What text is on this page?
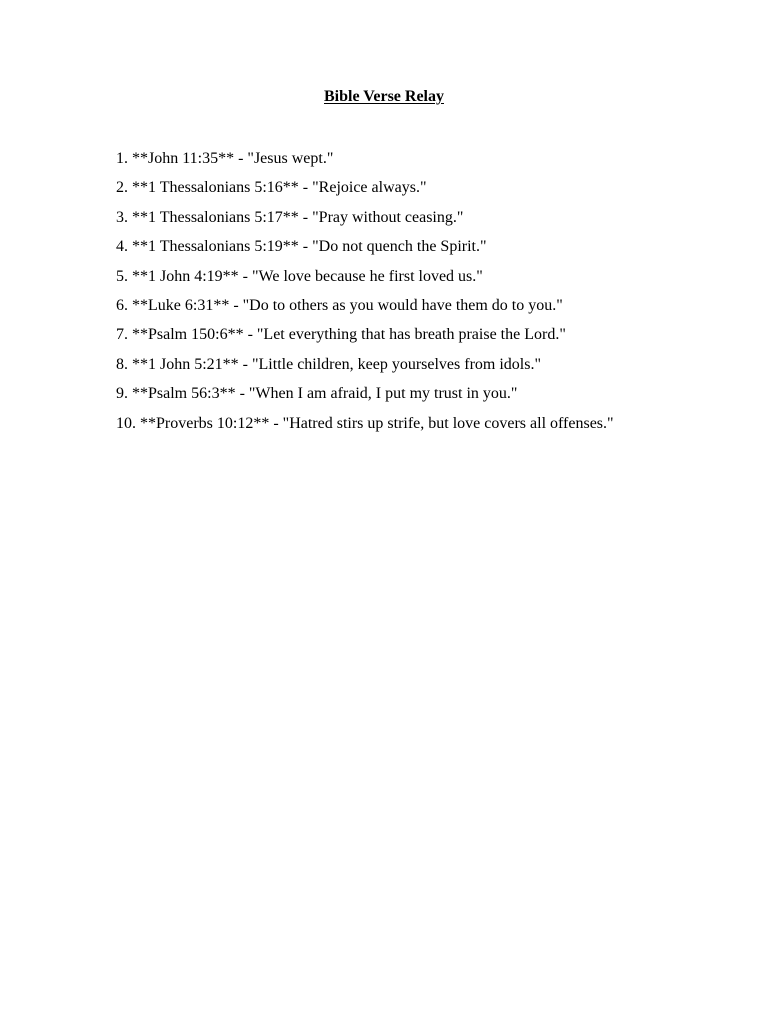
Bible Verse Relay
1. **John 11:35** - "Jesus wept."
2. **1 Thessalonians 5:16** - "Rejoice always."
3. **1 Thessalonians 5:17** - "Pray without ceasing."
4. **1 Thessalonians 5:19** - "Do not quench the Spirit."
5. **1 John 4:19** - "We love because he first loved us."
6. **Luke 6:31** - "Do to others as you would have them do to you."
7. **Psalm 150:6** - "Let everything that has breath praise the Lord."
8. **1 John 5:21** - "Little children, keep yourselves from idols."
9. **Psalm 56:3** - "When I am afraid, I put my trust in you."
10. **Proverbs 10:12** - "Hatred stirs up strife, but love covers all offenses."
